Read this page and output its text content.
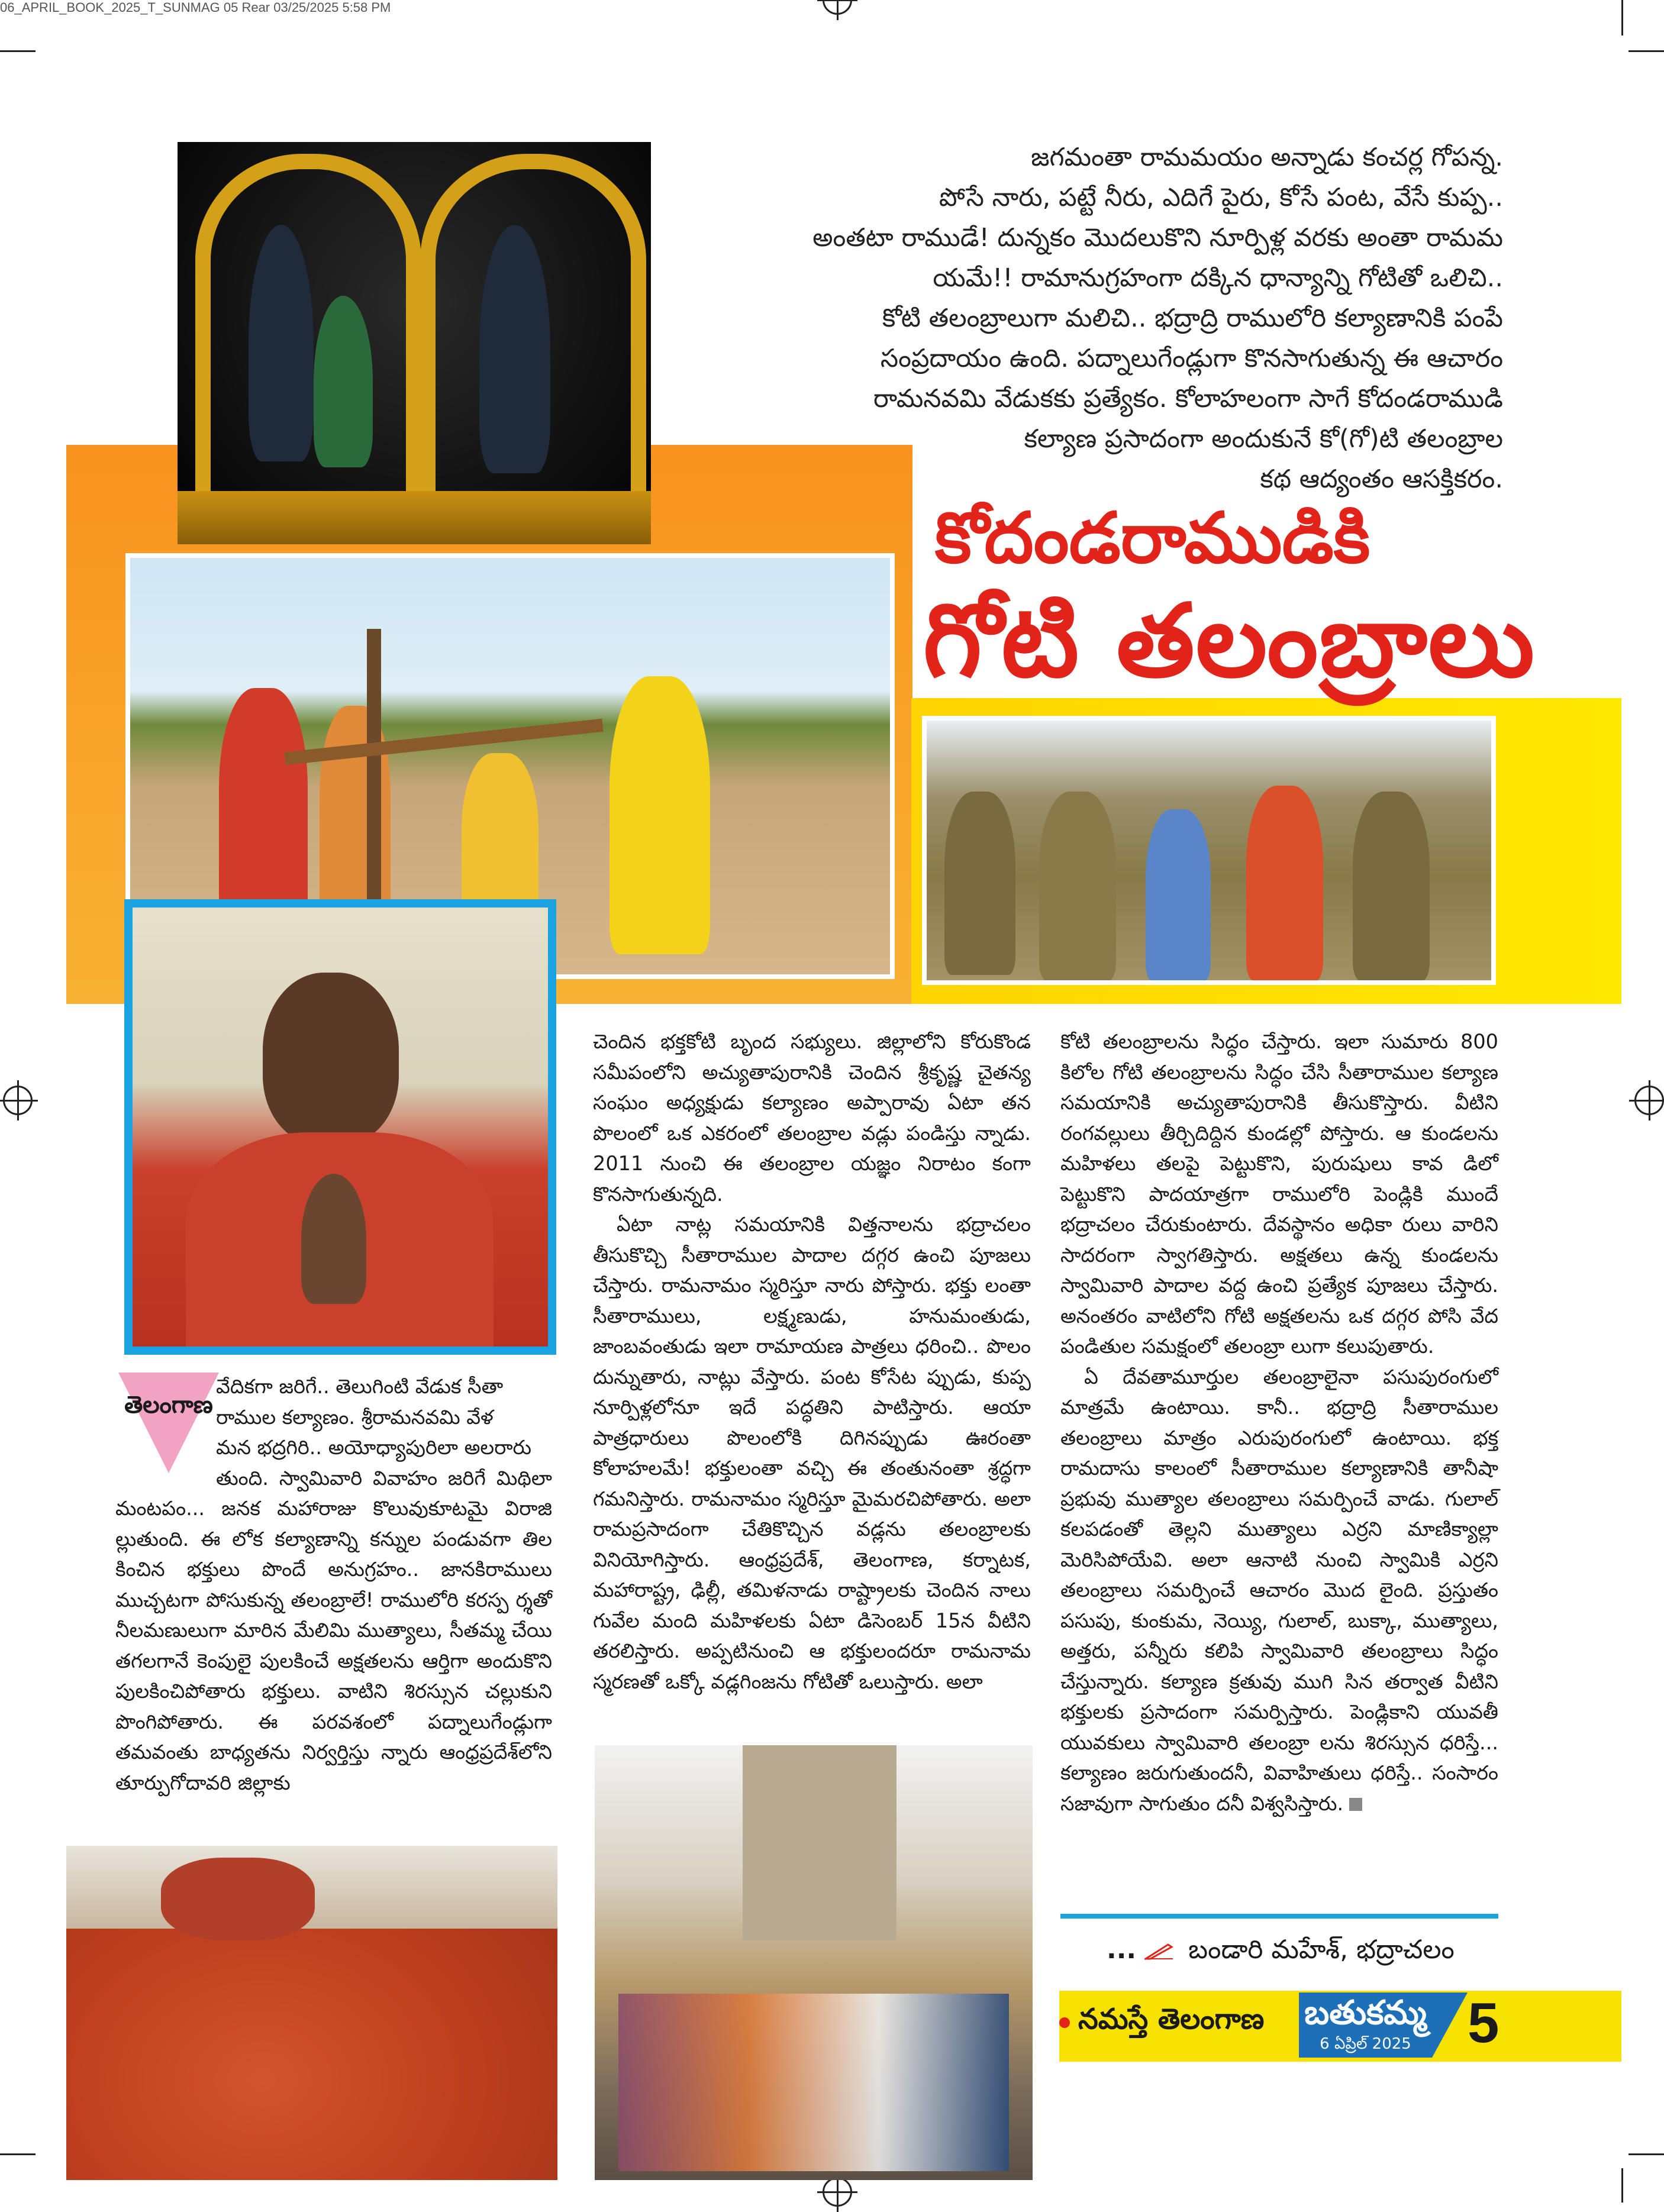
06_APRIL_BOOK_2025_T_SUNMAG 05 Rear 03/25/2025 5:58 PM
జగమంతా రామమయం అన్నాడు కంచర్ల గోపన్న.
పోసే నారు, పట్టే నీరు, ఎదిగే పైరు, కోసే పంట, వేసే కుప్ప..
అంతటా రాముడే! దున్నకం మొదలుకొని నూర్పిళ్ల వరకు అంతా రామమ
యమే!! రామానుగ్రహంగా దక్కిన ధాన్యాన్ని గోటితో ఒలిచి..
కోటి తలంబ్రాలుగా మలిచి.. భద్రాద్రి రాములోరి కల్యాణానికి పంపే
సంప్రదాయం ఉంది. పద్నాలుగేండ్లుగా కొనసాగుతున్న ఈ ఆచారం
రామనవమి వేడుకకు ప్రత్యేకం. కోలాహలంగా సాగే కోదండరాముడి
కల్యాణ ప్రసాదంగా అందుకునే కో(గో)టి తలంబ్రాల
కథ ఆద్యంతం ఆసక్తికరం.
కోదండరాముడికి
గోటి తలంబ్రాలు
తెలంగాణ
వేదికగా జరిగే.. తెలుగింటి వేడుక సీతా
రాముల కల్యాణం. శ్రీరామనవమి వేళ
మన భద్రగిరి.. అయోధ్యాపురిలా అలరారు

తుంది. స్వామివారి వివాహం జరిగే మిథిలా మంటపం... జనక మహారాజు కొలువుకూటమై విరాజి ల్లుతుంది. ఈ లోక కల్యాణాన్ని కన్నుల పండువగా తిల కించిన భక్తులు పొందే అనుగ్రహం.. జానకిరాములు ముచ్చటగా పోసుకున్న తలంబ్రాలే! రాములోరి కరస్ప ర్శతో నీలమణులుగా మారిన మేలిమి ముత్యాలు, సీతమ్మ చేయి తగలగానే కెంపులై పులకించే అక్షతలను ఆర్తిగా అందుకొని పులకించిపోతారు భక్తులు. వాటిని శిరస్సున చల్లుకుని పొంగిపోతారు. ఈ పరవశంలో పద్నాలుగేండ్లుగా తమవంతు బాధ్యతను నిర్వర్తిస్తు న్నారు ఆంధ్రప్రదేశ్‌లోని తూర్పుగోదావరి జిల్లాకు

చెందిన భక్తకోటి బృంద సభ్యులు. జిల్లాలోని కోరుకొండ సమీపంలోని అచ్యుతాపురానికి చెందిన శ్రీకృష్ణ చైతన్య సంఘం అధ్యక్షుడు కల్యాణం అప్పారావు ఏటా తన పొలంలో ఒక ఎకరంలో తలంబ్రాల వడ్లు పండిస్తు న్నాడు. 2011 నుంచి ఈ తలంబ్రాల యజ్ఞం నిరాటం కంగా కొనసాగుతున్నది.

ఏటా నాట్ల సమయానికి విత్తనాలను భద్రాచలం తీసుకొచ్చి సీతారాముల పాదాల దగ్గర ఉంచి పూజలు చేస్తారు. రామనామం స్మరిస్తూ నారు పోస్తారు. భక్తు లంతా సీతారాములు, లక్ష్మణుడు, హనుమంతుడు, జాంబవంతుడు ఇలా రామాయణ పాత్రలు ధరించి.. పొలం దున్నుతారు, నాట్లు వేస్తారు. పంట కోసేట ప్పుడు, కుప్ప నూర్పిళ్లలోనూ ఇదే పద్ధతిని పాటిస్తారు. ఆయా పాత్రధారులు పొలంలోకి దిగినప్పుడు ఊరంతా కోలాహలమే! భక్తులంతా వచ్చి ఈ తంతునంతా శ్రద్ధగా గమనిస్తారు. రామనామం స్మరిస్తూ మైమరచిపోతారు. అలా రామప్రసాదంగా చేతికొచ్చిన వడ్లను తలంబ్రాలకు వినియోగిస్తారు. ఆంధ్రప్రదేశ్, తెలంగాణ, కర్నాటక, మహారాష్ట్ర, ఢిల్లీ, తమిళనాడు రాష్ట్రాలకు చెందిన నాలు గువేల మంది మహిళలకు ఏటా డిసెంబర్ 15న వీటిని తరలిస్తారు. అప్పటినుంచి ఆ భక్తులందరూ రామనామ స్మరణతో ఒక్కో వడ్లగింజను గోటితో ఒలుస్తారు. అలా

కోటి తలంబ్రాలను సిద్ధం చేస్తారు. ఇలా సుమారు 800 కిలోల గోటి తలంబ్రాలను సిద్ధం చేసి సీతారాముల కల్యాణ సమయానికి అచ్యుతాపురానికి తీసుకొస్తారు. వీటిని రంగవల్లులు తీర్చిదిద్దిన కుండల్లో పోస్తారు. ఆ కుండలను మహిళలు తలపై పెట్టుకొని, పురుషులు కావ డిలో పెట్టుకొని పాదయాత్రగా రాములోరి పెండ్లికి ముందే భద్రాచలం చేరుకుంటారు. దేవస్థానం అధికా రులు వారిని సాదరంగా స్వాగతిస్తారు. అక్షతలు ఉన్న కుండలను స్వామివారి పాదాల వద్ద ఉంచి ప్రత్యేక పూజలు చేస్తారు. అనంతరం వాటిలోని గోటి అక్షతలను ఒక దగ్గర పోసి వేద పండితుల సమక్షంలో తలంబ్రా లుగా కలుపుతారు.

ఏ దేవతామూర్తుల తలంబ్రాలైనా పసుపురంగులో మాత్రమే ఉంటాయి. కానీ.. భద్రాద్రి సీతారాముల తలంబ్రాలు మాత్రం ఎరుపురంగులో ఉంటాయి. భక్త రామదాసు కాలంలో సీతారాముల కల్యాణానికి తానీషా ప్రభువు ముత్యాల తలంబ్రాలు సమర్పించే వాడు. గులాల్ కలపడంతో తెల్లని ముత్యాలు ఎర్రని మాణిక్యాల్లా మెరిసిపోయేవి. అలా ఆనాటి నుంచి స్వామికి ఎర్రని తలంబ్రాలు సమర్పించే ఆచారం మొద లైంది. ప్రస్తుతం పసుపు, కుంకుమ, నెయ్యి, గులాల్, బుక్కా, ముత్యాలు, అత్తరు, పన్నీరు కలిపి స్వామివారి తలంబ్రాలు సిద్ధం చేస్తున్నారు. కల్యాణ క్రతువు ముగి సిన తర్వాత వీటిని భక్తులకు ప్రసాదంగా సమర్పిస్తారు. పెండ్లికాని యువతీ యువకులు స్వామివారి తలంబ్రా లను శిరస్సున ధరిస్తే... కల్యాణం జరుగుతుందనీ, వివాహితులు ధరిస్తే.. సంసారం సజావుగా సాగుతుం దనీ విశ్వసిస్తారు.

... బండారి మహేశ్, భద్రాచలం
నమస్తే తెలంగాణ బతుకమ్మ
6 ఏప్రిల్ 2025 5
